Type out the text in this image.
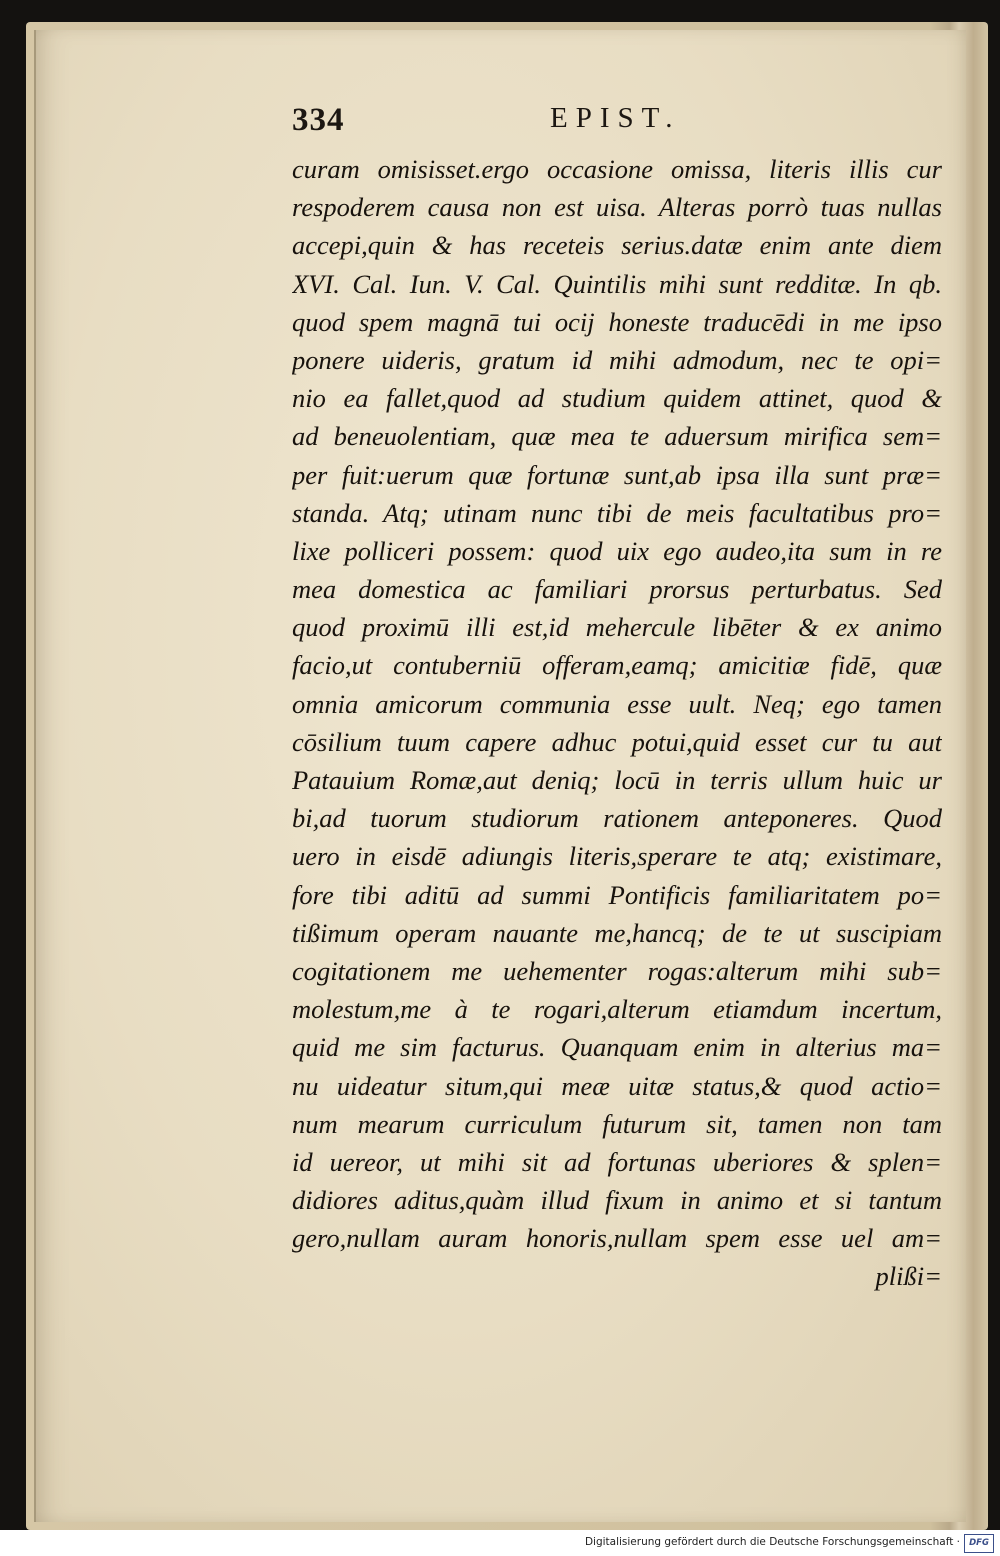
334	EPIST.
curam omisisset.ergo occasione omissa, literis illis cur
respoderem causa non est uisa. Alteras porrò tuas nullas
accepi,quin & has receteis serius.datæ enim ante diem
XVI. Cal. Iun. V. Cal. Quintilis mihi sunt redditæ. In qb.
quod spem magnā tui ocij honeste traducēdi in me ipso
ponere uideris, gratum id mihi admodum, nec te opi=
nio ea fallet,quod ad studium quidem attinet, quod &
ad beneuolentiam, quæ mea te aduersum mirifica sem=
per fuit:uerum quæ fortunæ sunt,ab ipsa illa sunt præ=
standa. Atq; utinam nunc tibi de meis facultatibus pro=
lixe polliceri possem: quod uix ego audeo,ita sum in re
mea domestica ac familiari prorsus perturbatus. Sed
quod proximū illi est,id mehercule libēter & ex animo
facio,ut contuberniū offeram,eamq; amicitiæ fidē, quæ
omnia amicorum communia esse uult. Neq; ego tamen
cōsilium tuum capere adhuc potui,quid esset cur tu aut
Patauium Romæ,aut deniq; locū in terris ullum huic ur
bi,ad tuorum studiorum rationem anteponeres. Quod
uero in eisdē adiungis literis,sperare te atq; existimare,
fore tibi aditū ad summi Pontificis familiaritatem po=
tißimum operam nauante me,hancq; de te ut suscipiam
cogitationem me uehementer rogas:alterum mihi sub=
molestum,me à te rogari,alterum etiamdum incertum,
quid me sim facturus. Quanquam enim in alterius ma=
nu uideatur situm,qui meæ uitæ status,& quod actio=
num mearum curriculum futurum sit, tamen non tam
id uereor, ut mihi sit ad fortunas uberiores & splen=
didiores aditus,quàm illud fixum in animo et si tantum
gero,nullam auram honoris,nullam spem esse uel am=
plißi=
Digitalisierung gefördert durch die Deutsche Forschungsgemeinschaft ·	DFG
